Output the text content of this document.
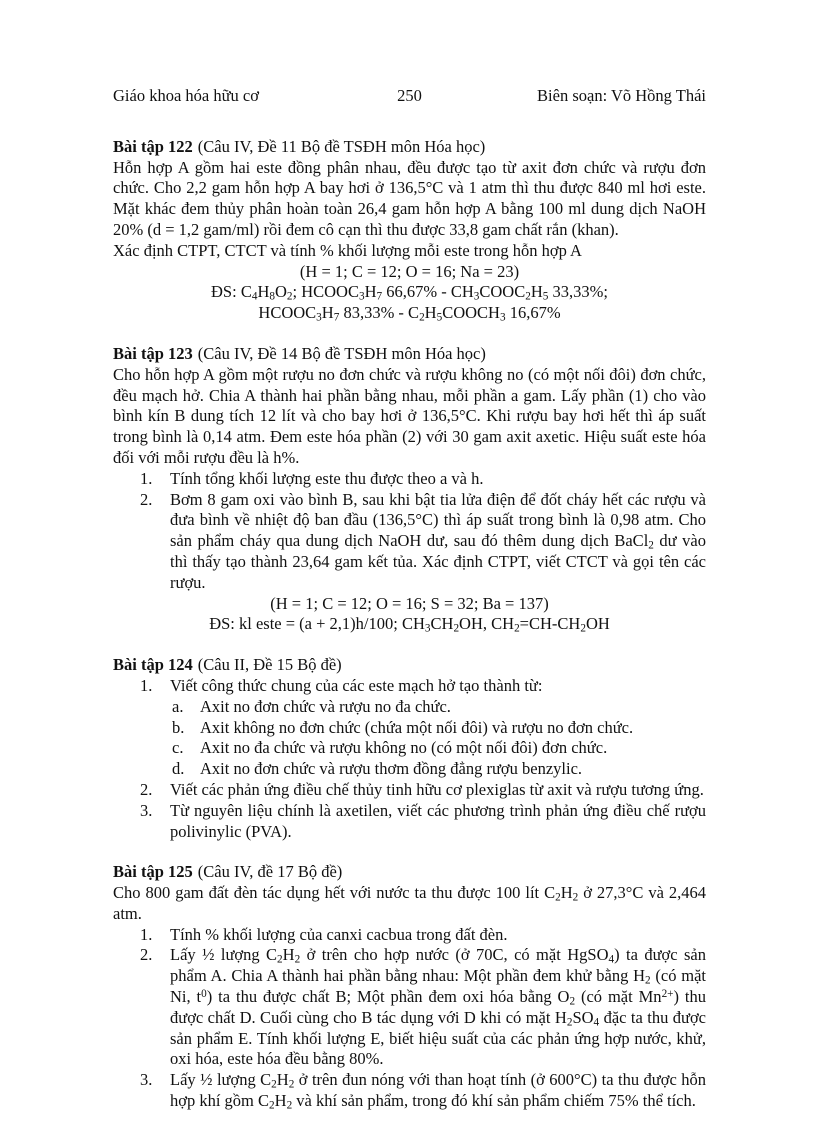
Giáo khoa hóa hữu cơ	250	Biên soạn: Võ Hồng Thái

Bài tập 122 (Câu IV, Đề 11 Bộ đề TSĐH môn Hóa học)

Hỗn hợp A gồm hai este đồng phân nhau, đều được tạo từ axit đơn chức và rượu đơn chức. Cho 2,2 gam hỗn hợp A bay hơi ở 136,5°C và 1 atm thì thu được 840 ml hơi este. Mặt khác đem thủy phân hoàn toàn 26,4 gam hỗn hợp A bằng 100 ml dung dịch NaOH 20% (d = 1,2 gam/ml) rồi đem cô cạn thì thu được 33,8 gam chất rắn (khan).

Xác định CTPT, CTCT và tính % khối lượng mỗi este trong hỗn hợp A

(H = 1; C = 12; O = 16; Na = 23)

ĐS: $C_4H_8O_2$; $HCOOC_3H_7$ $66,67\% - CH_3COOC_2H_5$ 33,33%;

$HCOOC_3H_7$ $83,33\% - C_2H_5COOCH_3$ 16,67%

Bài tập 123 (Câu IV, Đề 14 Bộ đề TSĐH môn Hóa học)

Cho hỗn hợp A gồm một rượu no đơn chức và rượu không no (có một nối đôi) đơn chức, đều mạch hở. Chia A thành hai phần bằng nhau, mỗi phần a gam. Lấy phần (1) cho vào bình kín B dung tích 12 lít và cho bay hơi ở 136,5°C. Khi rượu bay hơi hết thì áp suất trong bình là 0,14 atm. Đem este hóa phần (2) với 30 gam axit axetic. Hiệu suất este hóa đối với mỗi rượu đều là h%.

1. Tính tổng khối lượng este thu được theo a và h.
2. Bơm 8 gam oxi vào bình B, sau khi bật tia lửa điện để đốt cháy hết các rượu và đưa bình về nhiệt độ ban đầu (136,5°C) thì áp suất trong bình là 0,98 atm. Cho sản phẩm cháy qua dung dịch NaOH dư, sau đó thêm dung dịch BaCl$_2$ dư vào thì thấy tạo thành 23,64 gam kết tủa. Xác định CTPT, viết CTCT và gọi tên các rượu.

(H = 1; C = 12; O = 16; S = 32; Ba = 137)

ĐS: kl este = (a + 2,1)h/100; $CH_3CH_2OH$, $CH_2=CH-CH_2OH$

Bài tập 124 (Câu II, Đề 15 Bộ đề)

1. Viết công thức chung của các este mạch hở tạo thành từ:
a. Axit no đơn chức và rượu no đa chức.
b. Axit không no đơn chức (chứa một nối đôi) và rượu no đơn chức.
c. Axit no đa chức và rượu không no (có một nối đôi) đơn chức.
d. Axit no đơn chức và rượu thơm đồng đẳng rượu benzylic.
2. Viết các phản ứng điều chế thủy tinh hữu cơ plexiglas từ axit và rượu tương ứng.
3. Từ nguyên liệu chính là axetilen, viết các phương trình phản ứng điều chế rượu polivinylic (PVA).

Bài tập 125 (Câu IV, đề 17 Bộ đề)

Cho 800 gam đất đèn tác dụng hết với nước ta thu được 100 lít $C_2H_2$ ở 27,3°C và 2,464 atm.

1. Tính % khối lượng của canxi cacbua trong đất đèn.
2. Lấy ½ lượng $C_2H_2$ ở trên cho hợp nước (ở 70C, có mặt HgSO$_4$) ta được sản phẩm A. Chia A thành hai phần bằng nhau: Một phần đem khử bằng $H_2$ (có mặt Ni, $t^0$) ta thu được chất B; Một phần đem oxi hóa bằng $O_2$ (có mặt $Mn^{2+}$) thu được chất D. Cuối cùng cho B tác dụng với D khi có mặt $H_2SO_4$ đặc ta thu được sản phẩm E. Tính khối lượng E, biết hiệu suất của các phản ứng hợp nước, khử, oxi hóa, este hóa đều bằng 80%.
3. Lấy ½ lượng $C_2H_2$ ở trên đun nóng với than hoạt tính (ở 600°C) ta thu được hỗn hợp khí gồm $C_2H_2$ và khí sản phẩm, trong đó khí sản phẩm chiếm 75% thể tích.
